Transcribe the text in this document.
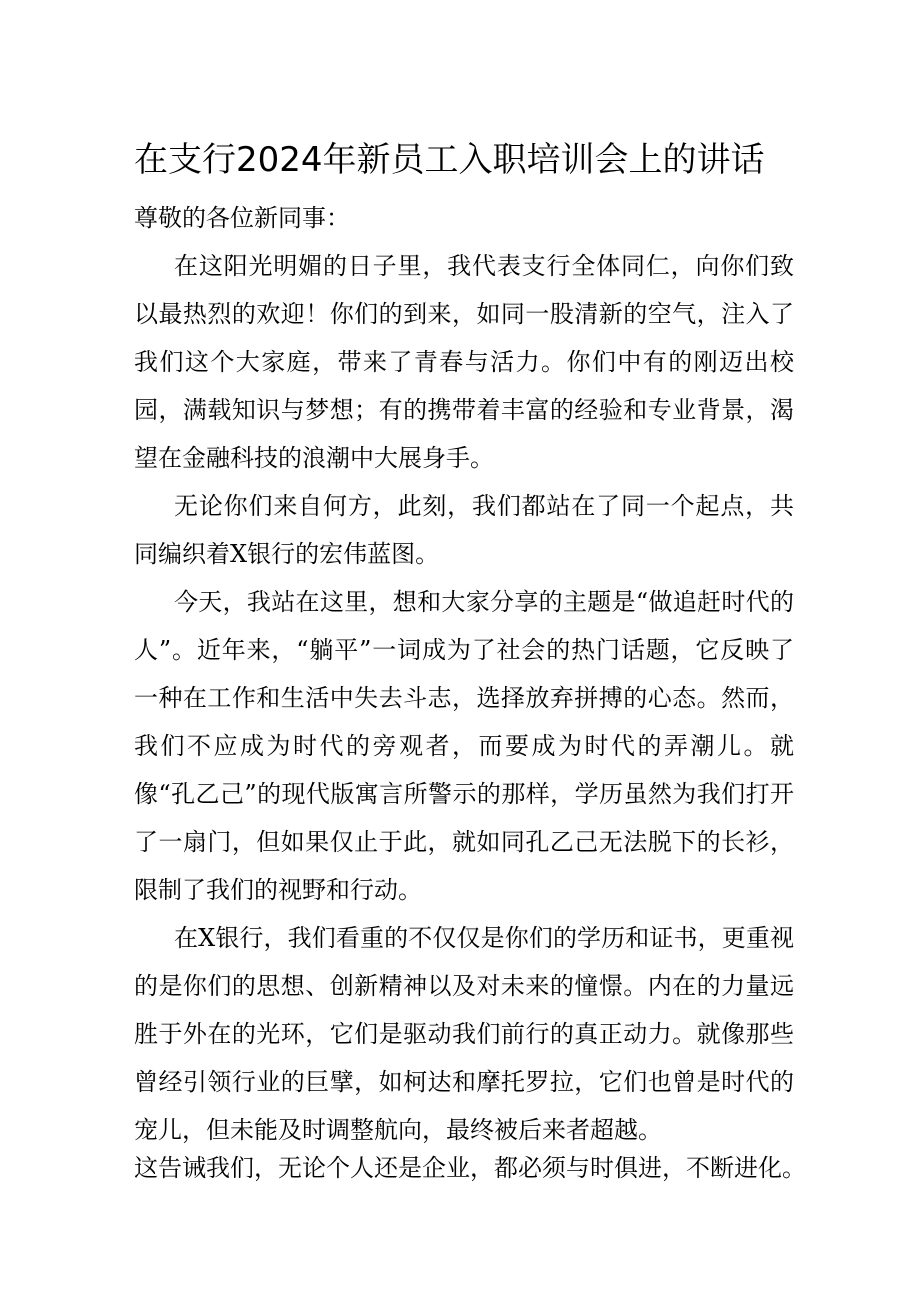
在支行2024年新员工入职培训会上的讲话

尊敬的各位新同事：

在这阳光明媚的日子里，我代表支行全体同仁，向你们致以最热烈的欢迎！你们的到来，如同一股清新的空气，注入了我们这个大家庭，带来了青春与活力。你们中有的刚迈出校园，满载知识与梦想；有的携带着丰富的经验和专业背景，渴望在金融科技的浪潮中大展身手。

无论你们来自何方，此刻，我们都站在了同一个起点，共同编织着X银行的宏伟蓝图。

今天，我站在这里，想和大家分享的主题是“做追赶时代的人”。近年来，“躺平”一词成为了社会的热门话题，它反映了一种在工作和生活中失去斗志，选择放弃拼搏的心态。然而，我们不应成为时代的旁观者，而要成为时代的弄潮儿。就像“孔乙己”的现代版寓言所警示的那样，学历虽然为我们打开了一扇门，但如果仅止于此，就如同孔乙己无法脱下的长衫，限制了我们的视野和行动。

在X银行，我们看重的不仅仅是你们的学历和证书，更重视的是你们的思想、创新精神以及对未来的憧憬。内在的力量远胜于外在的光环，它们是驱动我们前行的真正动力。就像那些曾经引领行业的巨擘，如柯达和摩托罗拉，它们也曾是时代的宠儿，但未能及时调整航向，最终被后来者超越。

这告诫我们，无论个人还是企业，都必须与时俱进，不断进化。
